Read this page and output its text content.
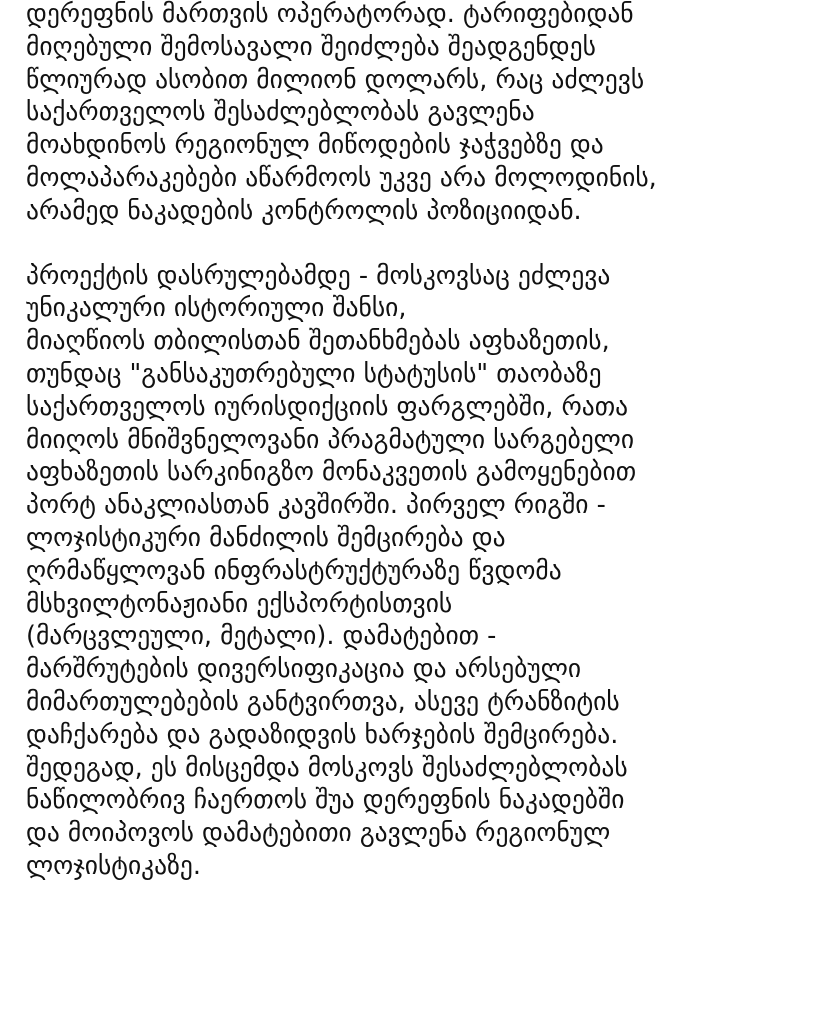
დერეფნის მართვის ოპერატორად. ტარიფებიდან
მიღებული შემოსავალი შეიძლება შეადგენდეს
წლიურად ასობით მილიონ დოლარს, რაც აძლევს
საქართველოს შესაძლებლობას გავლენა
მოახდინოს რეგიონულ მიწოდების ჯაჭვებზე და
მოლაპარაკებები აწარმოოს უკვე არა მოლოდინის,
არამედ ნაკადების კონტროლის პოზიციიდან.
პროექტის დასრულებამდე - მოსკოვსაც ეძლევა
უნიკალური ისტორიული შანსი,
მიაღწიოს თბილისთან შეთანხმებას აფხაზეთის,
თუნდაც "განსაკუთრებული სტატუსის" თაობაზე
საქართველოს იურისდიქციის ფარგლებში, რათა
მიიღოს მნიშვნელოვანი პრაგმატული სარგებელი
აფხაზეთის სარკინიგზო მონაკვეთის გამოყენებით
პორტ ანაკლიასთან კავშირში. პირველ რიგში -
ლოჯისტიკური მანძილის შემცირება და
ღრმაწყლოვან ინფრასტრუქტურაზე წვდომა
მსხვილტონაჟიანი ექსპორტისთვის
(მარცვლეული, მეტალი). დამატებით -
მარშრუტების დივერსიფიკაცია და არსებული
მიმართულებების განტვირთვა, ასევე ტრანზიტის
დაჩქარება და გადაზიდვის ხარჯების შემცირება.
შედეგად, ეს მისცემდა მოსკოვს შესაძლებლობას
ნაწილობრივ ჩაერთოს შუა დერეფნის ნაკადებში
და მოიპოვოს დამატებითი გავლენა რეგიონულ
ლოჯისტიკაზე.
